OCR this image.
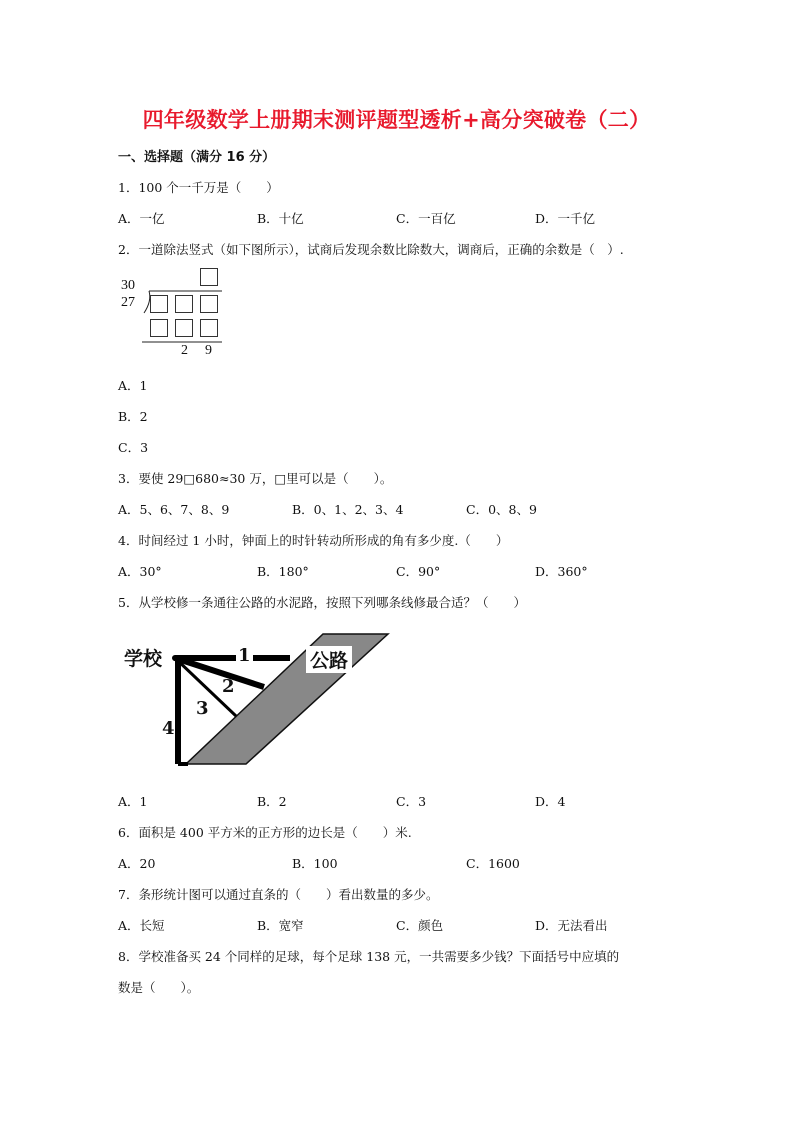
四年级数学上册期末测评题型透析+高分突破卷（二）
一、选择题（满分 16 分）
1．100 个一千万是（　　）
A．一亿	B．十亿	C．一百亿	D．一千亿
2．一道除法竖式（如下图所示），试商后发现余数比除数大，调商后，正确的余数是（　）.
30
27
2 9
A．1
B．2
C．3
3．要使 29□680≈30 万，□里可以是（　　）。
A．5、6、7、8、9	B．0、1、2、3、4	C．0、8、9
4．时间经过 1 小时，钟面上的时针转动所形成的角有多少度.（　　）
A．30°	B．180°	C．90°	D．360°
5．从学校修一条通往公路的水泥路，按照下列哪条线修最合适？（　　）
学校	公路
1
2
3
4
A．1	B．2	C．3	D．4
6．面积是 400 平方米的正方形的边长是（　　）米.
A．20	B．100	C．1600
7．条形统计图可以通过直条的（　　）看出数量的多少。
A．长短	B．宽窄	C．颜色	D．无法看出
8．学校准备买 24 个同样的足球，每个足球 138 元，一共需要多少钱？下面括号中应填的
数是（　　）。
